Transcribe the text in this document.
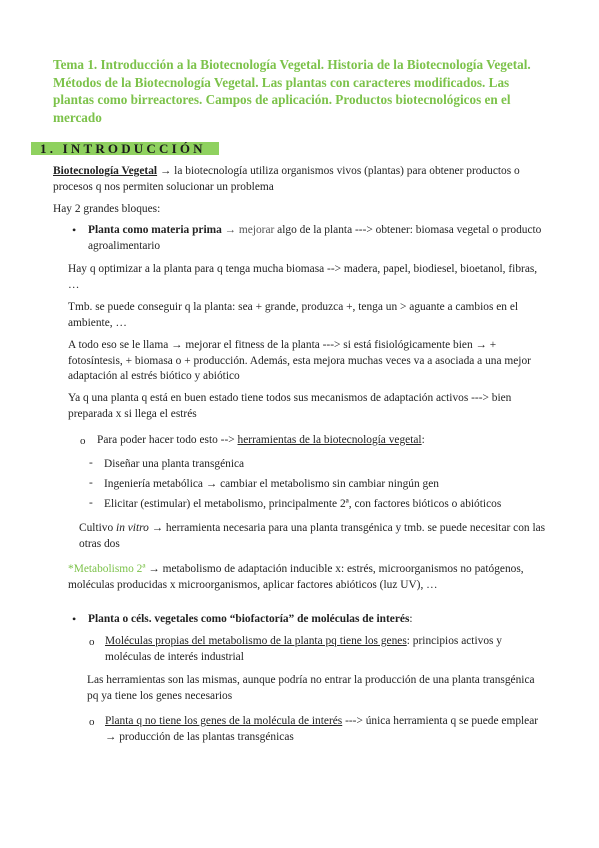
Tema 1. Introducción a la Biotecnología Vegetal. Historia de la Biotecnología Vegetal. Métodos de la Biotecnología Vegetal. Las plantas con caracteres modificados. Las plantas como birreactores. Campos de aplicación. Productos biotecnológicos en el mercado
1. INTRODUCCIÓN
Biotecnología Vegetal → la biotecnología utiliza organismos vivos (plantas) para obtener productos o procesos q nos permiten solucionar un problema
Hay 2 grandes bloques:
• Planta como materia prima → mejorar algo de la planta ---> obtener: biomasa vegetal o producto agroalimentario
Hay q optimizar a la planta para q tenga mucha biomasa --> madera, papel, biodiesel, bioetanol, fibras, …
Tmb. se puede conseguir q la planta: sea + grande, produzca +, tenga un > aguante a cambios en el ambiente, …
A todo eso se le llama → mejorar el fitness de la planta ---> si está fisiológicamente bien → + fotosíntesis, + biomasa o + producción. Además, esta mejora muchas veces va a asociada a una mejor adaptación al estrés biótico y abiótico
Ya q una planta q está en buen estado tiene todos sus mecanismos de adaptación activos ---> bien preparada x si llega el estrés
o Para poder hacer todo esto --> herramientas de la biotecnología vegetal:
- Diseñar una planta transgénica
- Ingeniería metabólica → cambiar el metabolismo sin cambiar ningún gen
- Elicitar (estimular) el metabolismo, principalmente 2ª, con factores bióticos o abióticos
Cultivo in vitro → herramienta necesaria para una planta transgénica y tmb. se puede necesitar con las otras dos
*Metabolismo 2ª → metabolismo de adaptación inducible x: estrés, microorganismos no patógenos, moléculas producidas x microorganismos, aplicar factores abióticos (luz UV), …
• Planta o céls. vegetales como “biofactoría” de moléculas de interés:
o Moléculas propias del metabolismo de la planta pq tiene los genes: principios activos y moléculas de interés industrial
Las herramientas son las mismas, aunque podría no entrar la producción de una planta transgénica pq ya tiene los genes necesarios
o Planta q no tiene los genes de la molécula de interés ---> única herramienta q se puede emplear → producción de las plantas transgénicas
